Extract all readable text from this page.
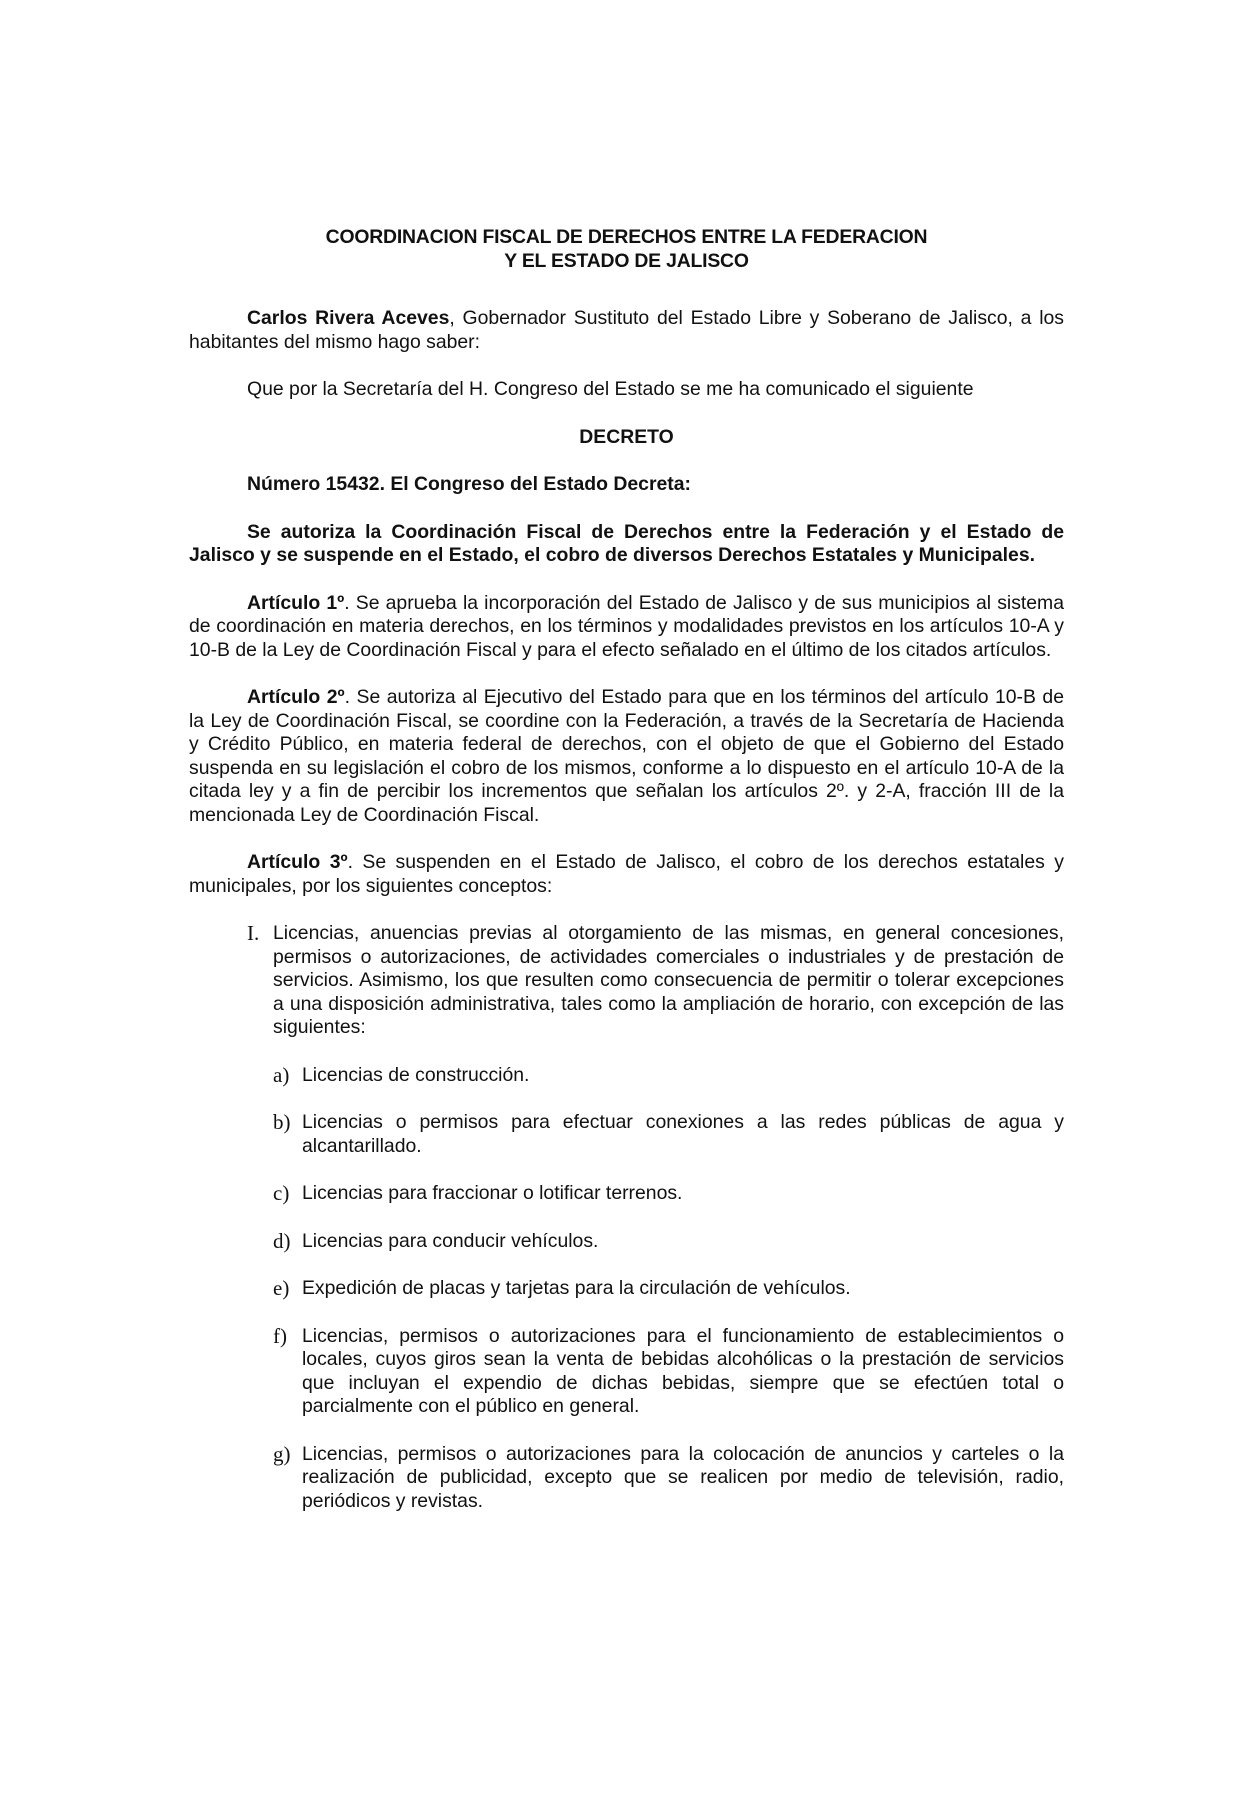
COORDINACION FISCAL DE DERECHOS ENTRE LA FEDERACION
Y EL ESTADO DE JALISCO

Carlos Rivera Aceves, Gobernador Sustituto del Estado Libre y Soberano de Jalisco, a los habitantes del mismo hago saber:

Que por la Secretaría del H. Congreso del Estado se me ha comunicado el siguiente

DECRETO

Número 15432. El Congreso del Estado Decreta:

Se autoriza la Coordinación Fiscal de Derechos entre la Federación y el Estado de Jalisco y se suspende en el Estado, el cobro de diversos Derechos Estatales y Municipales.

Artículo 1º. Se aprueba la incorporación del Estado de Jalisco y de sus municipios al sistema de coordinación en materia derechos, en los términos y modalidades previstos en los artículos 10-A y 10-B de la Ley de Coordinación Fiscal y para el efecto señalado en el último de los citados artículos.

Artículo 2º. Se autoriza al Ejecutivo del Estado para que en los términos del artículo 10-B de la Ley de Coordinación Fiscal, se coordine con la Federación, a través de la Secretaría de Hacienda y Crédito Público, en materia federal de derechos, con el objeto de que el Gobierno del Estado suspenda en su legislación el cobro de los mismos, conforme a lo dispuesto en el artículo 10-A de la citada ley y a fin de percibir los incrementos que señalan los artículos 2º. y 2-A, fracción III de la mencionada Ley de Coordinación Fiscal.

Artículo 3º. Se suspenden en el Estado de Jalisco, el cobro de los derechos estatales y municipales, por los siguientes conceptos:

I. Licencias, anuencias previas al otorgamiento de las mismas, en general concesiones, permisos o autorizaciones, de actividades comerciales o industriales y de prestación de servicios. Asimismo, los que resulten como consecuencia de permitir o tolerar excepciones a una disposición administrativa, tales como la ampliación de horario, con excepción de las siguientes:
a) Licencias de construcción.
b) Licencias o permisos para efectuar conexiones a las redes públicas de agua y alcantarillado.
c) Licencias para fraccionar o lotificar terrenos.
d) Licencias para conducir vehículos.
e) Expedición de placas y tarjetas para la circulación de vehículos.
f) Licencias, permisos o autorizaciones para el funcionamiento de establecimientos o locales, cuyos giros sean la venta de bebidas alcohólicas o la prestación de servicios que incluyan el expendio de dichas bebidas, siempre que se efectúen total o parcialmente con el público en general.
g) Licencias, permisos o autorizaciones para la colocación de anuncios y carteles o la realización de publicidad, excepto que se realicen por medio de televisión, radio, periódicos y revistas.
